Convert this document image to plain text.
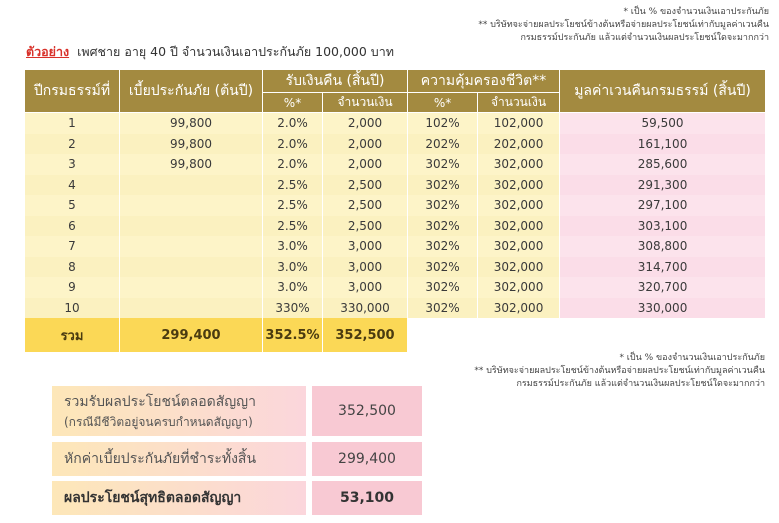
* เป็น % ของจำนวนเงินเอาประกันภัย
** บริษัทจะจ่ายผลประโยชน์ข้างต้นหรือจ่ายผลประโยชน์เท่ากับมูลค่าเวนคืน
กรมธรรม์ประกันภัย แล้วแต่จำนวนเงินผลประโยชน์ใดจะมากกว่า
ตัวอย่าง เพศชาย อายุ 40 ปี จำนวนเงินเอาประกันภัย 100,000 บาท
ปีกรมธรรม์ที่	เบี้ยประกันภัย (ต้นปี)	รับเงินคืน (สิ้นปี)		ความคุ้มครองชีวิต**		มูลค่าเวนคืนกรมธรรม์ (สิ้นปี)
		%*	จำนวนเงิน	%*	จำนวนเงิน	
1	99,800	2.0%	2,000	102%	102,000	59,500
2	99,800	2.0%	2,000	202%	202,000	161,100
3	99,800	2.0%	2,000	302%	302,000	285,600
4		2.5%	2,500	302%	302,000	291,300
5		2.5%	2,500	302%	302,000	297,100
6		2.5%	2,500	302%	302,000	303,100
7		3.0%	3,000	302%	302,000	308,800
8		3.0%	3,000	302%	302,000	314,700
9		3.0%	3,000	302%	302,000	320,700
10		330%	330,000	302%	302,000	330,000
รวม	299,400	352.5%	352,500			
* เป็น % ของจำนวนเงินเอาประกันภัย
** บริษัทจะจ่ายผลประโยชน์ข้างต้นหรือจ่ายผลประโยชน์เท่ากับมูลค่าเวนคืน
กรมธรรม์ประกันภัย แล้วแต่จำนวนเงินผลประโยชน์ใดจะมากกว่า
รวมรับผลประโยชน์ตลอดสัญญา
(กรณีมีชีวิตอยู่จนครบกำหนดสัญญา)
352,500
หักค่าเบี้ยประกันภัยที่ชำระทั้งสิ้น	299,400
ผลประโยชน์สุทธิตลอดสัญญา	53,100
